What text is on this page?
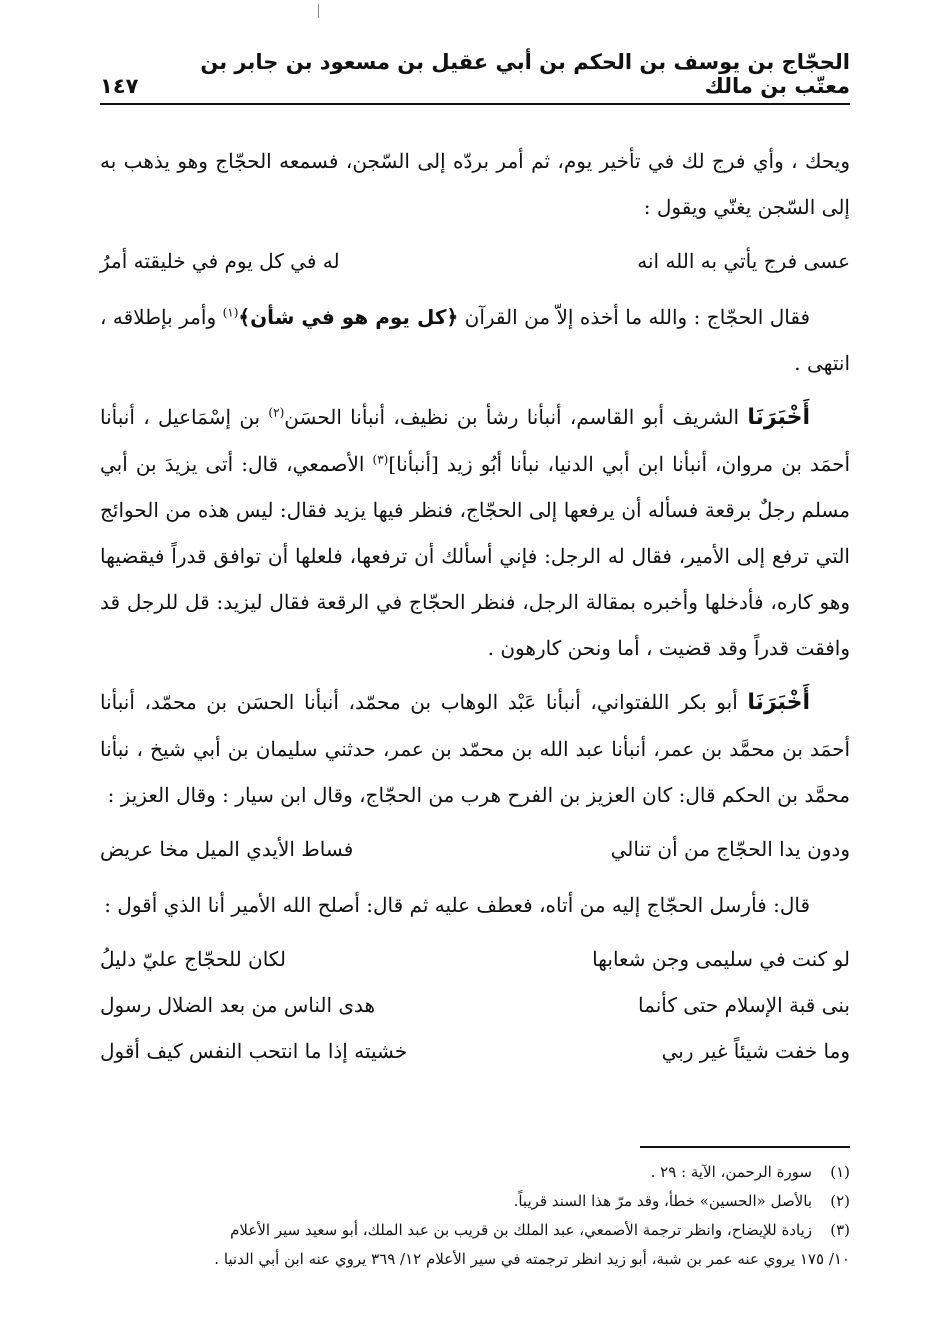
الحجّاج بن يوسف بن الحكم بن أبي عقيل بن مسعود بن جابر بن معتّب بن مالك
١٤٧

ويحك ، وأي فرج لك في تأخير يوم، ثم أمر بردّه إلى السّجن، فسمعه الحجّاج وهو يذهب به إلى السّجن يغنّي ويقول :

عسى فرج يأتي به الله انه
له في كل يوم في خليقته أمرُ

فقال الحجّاج : والله ما أخذه إلاّ من القرآن ﴿كل يوم هو في شأن﴾$^{(١)}$ وأمر بإطلاقه ، انتهى .

أَخْبَرَنَا الشريف أبو القاسم، أنبأنا رشأ بن نظيف، أنبأنا الحسَن$^{(٢)}$ بن إسْمَاعيل ، أنبأنا أحمَد بن مروان، أنبأنا ابن أبي الدنيا، نبأنا أبُو زيد [أنبأنا]$^{(٣)}$ الأصمعي، قال: أتى يزيدَ بن أبي مسلم رجلٌ برقعة فسأله أن يرفعها إلى الحجّاج، فنظر فيها يزيد فقال: ليس هذه من الحوائج التي ترفع إلى الأمير، فقال له الرجل: فإني أسألك أن ترفعها، فلعلها أن توافق قدراً فيقضيها وهو كاره، فأدخلها وأخبره بمقالة الرجل، فنظر الحجّاج في الرقعة فقال ليزيد: قل للرجل قد وافقت قدراً وقد قضيت ، أما ونحن كارهون .

أَخْبَرَنَا أبو بكر اللفتواني، أنبأنا عَبْد الوهاب بن محمّد، أنبأنا الحسَن بن محمّد، أنبأنا أحمَد بن محمَّد بن عمر، أنبأنا عبد الله بن محمّد بن عمر، حدثني سليمان بن أبي شيخ ، نبأنا محمَّد بن الحكم قال: كان العزيز بن الفرح هرب من الحجّاج، وقال ابن سيار : وقال العزيز :

ودون يدا الحجّاج من أن تنالي
فساط الأيدي الميل مخا عريض

قال: فأرسل الحجّاج إليه من أتاه، فعطف عليه ثم قال: أصلح الله الأمير أنا الذي أقول :

لو كنت في سليمى وجن شعابها
لكان للحجّاج عليّ دليلُ
بنى قبة الإسلام حتى كأنما
هدى الناس من بعد الضلال رسول
وما خفت شيئاً غير ربي
خشيته إذا ما انتحب النفس كيف أقول
(١)
سورة الرحمن، الآية : ٢٩ .
(٢)
بالأصل «الحسين» خطأ، وقد مرّ هذا السند قريباً.
(٣)
زيادة للإيضاح، وانظر ترجمة الأصمعي، عبد الملك بن قريب بن عبد الملك، أبو سعيد سير الأعلام
١٠/ ١٧٥ يروي عنه عمر بن شبة، أبو زيد انظر ترجمته في سير الأعلام ١٢/ ٣٦٩ يروي عنه ابن أبي الدنيا .
